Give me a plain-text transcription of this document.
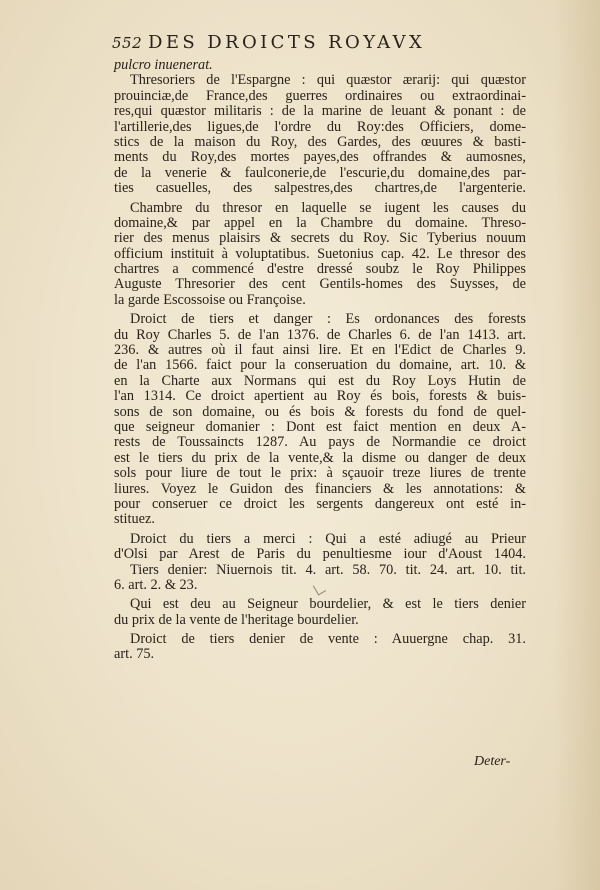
552 DES DROICTS ROYAVX
pulcro inuenerat.
Thresoriers de l'Espargne : qui quæstor ærarij: qui quæstor
prouinciæ,de France,des guerres ordinaires ou extraordinai-
res,qui quæstor militaris : de la marine de leuant & ponant : de
l'artillerie,des ligues,de l'ordre du Roy:des Officiers, dome-
stics de la maison du Roy, des Gardes, des œuures & basti-
ments du Roy,des mortes payes,des offrandes & aumosnes,
de la venerie & faulconerie,de l'escurie,du domaine,des par-
ties casuelles, des salpestres,des chartres,de l'argenterie.
Chambre du thresor en laquelle se iugent les causes du
domaine,& par appel en la Chambre du domaine. Threso-
rier des menus plaisirs & secrets du Roy. Sic Tyberius nouum
officium instituit à voluptatibus. Suetonius cap. 42. Le thresor des
chartres a commencé d'estre dressé soubz le Roy Philippes
Auguste Thresorier des cent Gentils-homes des Suysses, de
la garde Escossoise ou Françoise.
Droict de tiers et danger : Es ordonances des forests
du Roy Charles 5. de l'an 1376. de Charles 6. de l'an 1413. art.
236. & autres où il faut ainsi lire. Et en l'Edict de Charles 9.
de l'an 1566. faict pour la conseruation du domaine, art. 10. &
en la Charte aux Normans qui est du Roy Loys Hutin de
l'an 1314. Ce droict apertient au Roy és bois, forests & buis-
sons de son domaine, ou és bois & forests du fond de quel-
que seigneur domanier : Dont est faict mention en deux A-
rests de Toussaincts 1287. Au pays de Normandie ce droict
est le tiers du prix de la vente,& la disme ou danger de deux
sols pour liure de tout le prix: à sçauoir treze liures de trente
liures. Voyez le Guidon des financiers & les annotations: &
pour conseruer ce droict les sergents dangereux ont esté in-
stituez.
Droict du tiers a merci : Qui a esté adiugé au Prieur
d'Olsi par Arest de Paris du penultiesme iour d'Aoust 1404.
Tiers denier: Niuernois tit. 4. art. 58. 70. tit. 24. art. 10. tit.
6. art. 2. & 23.
Qui est deu au Seigneur bourdelier, & est le tiers denier
du prix de la vente de l'heritage bourdelier.
Droict de tiers denier de vente : Auuergne chap. 31.
art. 75.
Deter-
